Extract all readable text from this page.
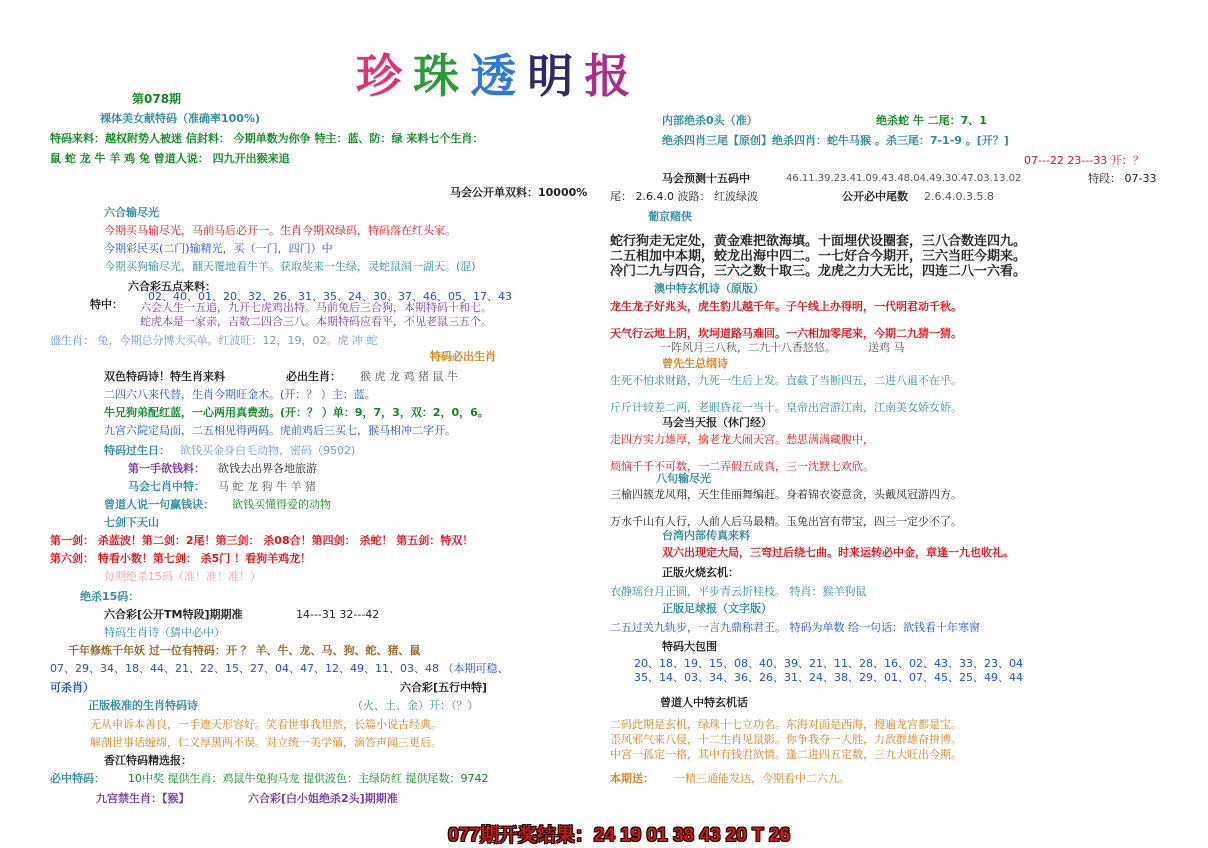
珍 珠 透 明 报
第078期
裸体美女献特码（准确率100%)
特码来料：越权附势人被迷 信封料： 今期单数为你争 特主：蓝、防：绿 来料七个生肖：
鼠 蛇 龙 牛 羊 鸡 兔 曾道人说： 四九开出猴来追
马会公开单双料：10000%
六合输尽光
今期买马输尽光，马前马后必开一。生肖今期双绿码，特码落在红头家。
今期彩民买(二门)输精光，买（一门，四门）中
今期买狗输尽光，翻天覆地看牛羊。获取奖来一生绿，灵蛇鼠洞一湖天。(混)
六合彩五点来料：
特中：
02、40、01、20、32、26、31、35、24、30、37、46、05、17、43
六会人生一五追，九开七虎鸡出特。马前兔后三合狗，本期特码十和七。
蛇虎本是一家亲，吉数二四合三八。本期特码应看平，不见老鼠三五个。
盛生肖： 兔，今期总分博大买单。红波旺：12，19，02。虎 冲 蛇
特码必出生肖
双色特码诗！特生肖来料	必出生肖： 猴 虎 龙 鸡 猪 鼠 牛
二四六八来代替，生肖今期旺金木。(开：？ ）主：蓝。
牛兄狗弟配红蓝，一心两用真费劲。(开：？ ）单：9，7，3，双：2，0，6。
九宫六院定局面，二五相见得两码。虎前鸡后三买七，猴马相冲二字开。
特码过生日： 欲钱买金身白毛动物，密码（9502)
第一手欲钱料： 欲钱去出界各地旅游
马会七肖中特： 马 蛇 龙 狗 牛 羊 猪
曾道人说一句赢钱诀： 欲钱买懂得爱的动物
七剑下天山
第一剑： 杀蓝波！第二剑：2尾！第三剑： 杀08合！第四剑： 杀蛇！ 第五剑：特双！
第六剑： 特看小数！第七剑： 杀5门 ！看狗羊鸡龙！
每期绝杀15码（准！准！准！）
绝杀15码：
六合彩[公开TM特段]期期准	14---31 32---42
特码生肖诗（猜中必中）
千年修炼千年妖 过一位有特码：开 ？ 羊、牛、龙、马、狗、蛇、猪、鼠
07、29、34、18、44、21、22、15、27、04、47、12、49、11、03、48 （本期可稳、
可杀肖）	六合彩[五行中特]
正版极准的生肖特码诗	（火、土、金）开：（？）
无从申诉本善良，一手遮天形容好。笑看世事我坦然，长篇小说古经典。
解剖世事话缠绵，仁义厚黑两不误。对立统一美学俑，滴答声闻三更后。
香江特码精选报：
必中特码： 10中奖 提供生肖：鸡鼠牛兔狗马龙 提供波色：主绿防红 提供尾数：9742
九宫禁生肖：【猴】	六合彩[白小姐绝杀2头]期期准
内部绝杀0头（准）	绝杀蛇 牛 二尾：7、1
绝杀四肖三尾【原创】绝杀四肖：蛇牛马猴 。杀三尾：7-1-9 。[开？]
07---22 23---33 开：？
马会预测十五码中	46.11.39.23.41.09.43.48.04.49.30.47.03.13.02	特段： 07-33
尾： 2.6.4.0 波路： 红波绿波	公开必中尾数 2.6.4.0.3.5.8
葡京赌侠
蛇行狗走无定处，黄金难把欲海填。十面埋伏设圈套，三八合数连四九。
二五相加中本期，蛟龙出海中四二。一七好合今期开，三六当旺今期来。
冷门二九与四合，三六之数十取三。龙虎之力大无比，四连二八一六看。
澳中特玄机诗（原版）
龙生龙子好兆头，虎生豹儿越千年。子午线上办得明，一代明君动千秋。
天气行云地上阴，坎坷道路马难回。一六相加零尾来，今期二九猜一猜。
一阵风月三八秋，二九十八香悠悠。	送鸡 马
曾先生总纲诗
生死不怕求财路，九死一生后上发。直截了当断四五，二进八退不在乎。
斤斤计较差二两，老眼昏花一当十。皇帝出宫游江南，江南美女娇女娇。
马会当天报（休门经）
走四方实力雄厚，擒老龙大闹天宫。愁思满满藏腹中，
烦恼千千不可数，一二弄假五成真，三一沈默七欢欣。
八句输尽光
三榆四簇龙凤翔，天生佳丽舞编赶。身着锦衣姿意贪，头戴凤冠游四方。
万水千山有人行，人前人后马最精。玉兔出宫有带宝，四三一定少不了。
台湾内部传真来料
双六出现定大局，三弯过后绕七曲。时来运转必中金，章逢一九也收礼。
正版火烧玄机：
衣静瑶台月正圆，平步青云折桂枝。 特肖：猴羊狗鼠
正版足球报（文字版）
二五过关九轨步，一言九鼎称君王。 特码为单数 给一句话：欲钱看十年寒窗
特码大包围
20、18、19、15、08、40、39、21、11、28、16、02、43、33、23、04
35、14、03、34、36、26、31、24、38、29、01、07、45、25、49、44
曾道人中特玄机话
二码此期是玄机，绿珠十七立功名。东海对面是西海，搜遍龙宫都是宝。
歪风邪气来八侵，十二生肖见鼠影。你争我夺一人胜，力敌群雄奋拼博。
中宫一孤定一格，其中有钱君欲情。逢二进四五定数，三九大旺出今期。
本期送： 一精三通能发达，今期看中二六九。
077期开奖结果：24 19 01 38 43 20 T 26
